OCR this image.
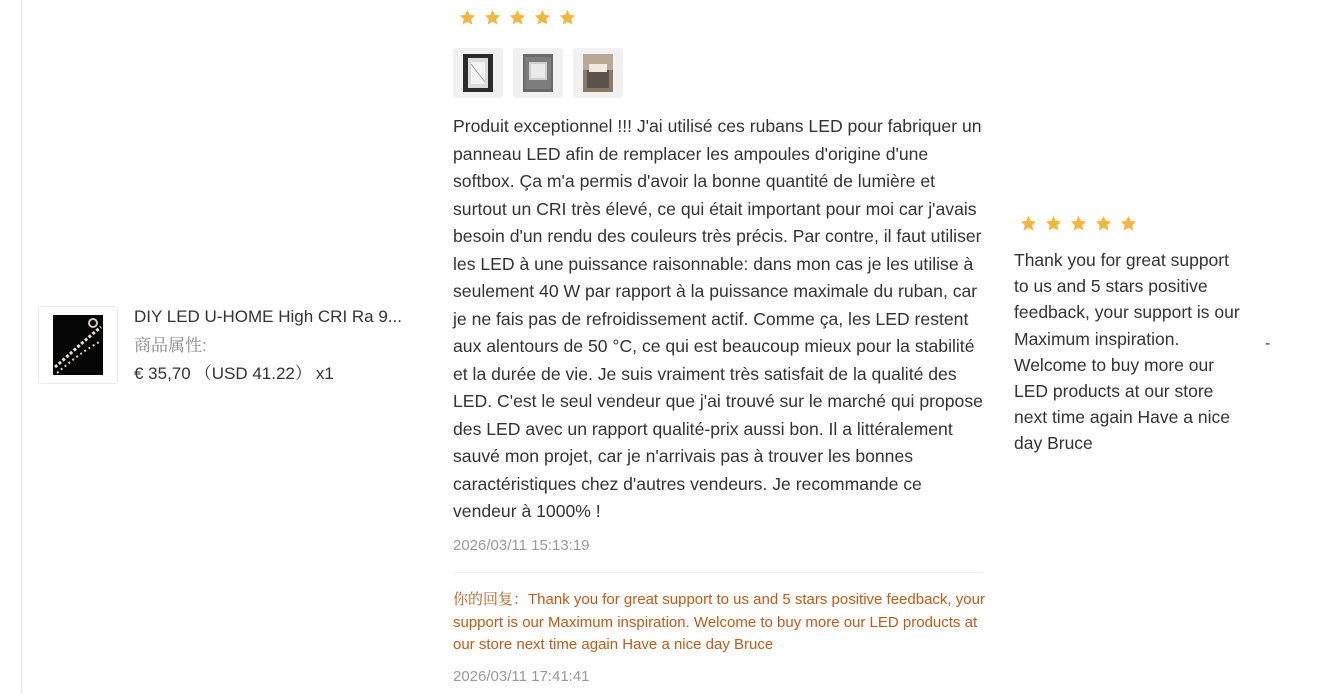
DIY LED U-HOME High CRI Ra 9...
商品属性:
€ 35,70 （USD 41.22） x1
Produit exceptionnel !!! J'ai utilisé ces rubans LED pour fabriquer un panneau LED afin de remplacer les ampoules d'origine d'une softbox. Ça m'a permis d'avoir la bonne quantité de lumière et surtout un CRI très élevé, ce qui était important pour moi car j'avais besoin d'un rendu des couleurs très précis. Par contre, il faut utiliser les LED à une puissance raisonnable: dans mon cas je les utilise à seulement 40 W par rapport à la puissance maximale du ruban, car je ne fais pas de refroidissement actif. Comme ça, les LED restent aux alentours de 50 °C, ce qui est beaucoup mieux pour la stabilité et la durée de vie. Je suis vraiment très satisfait de la qualité des LED. C'est le seul vendeur que j'ai trouvé sur le marché qui propose des LED avec un rapport qualité-prix aussi bon. Il a littéralement sauvé mon projet, car je n'arrivais pas à trouver les bonnes caractéristiques chez d'autres vendeurs. Je recommande ce vendeur à 1000% !
2026/03/11 15:13:19
你的回复：Thank you for great support to us and 5 stars positive feedback, your support is our Maximum inspiration. Welcome to buy more our LED products at our store next time again Have a nice day Bruce
2026/03/11 17:41:41
Thank you for great support to us and 5 stars positive feedback, your support is our Maximum inspiration. Welcome to buy more our LED products at our store next time again Have a nice day Bruce
-
